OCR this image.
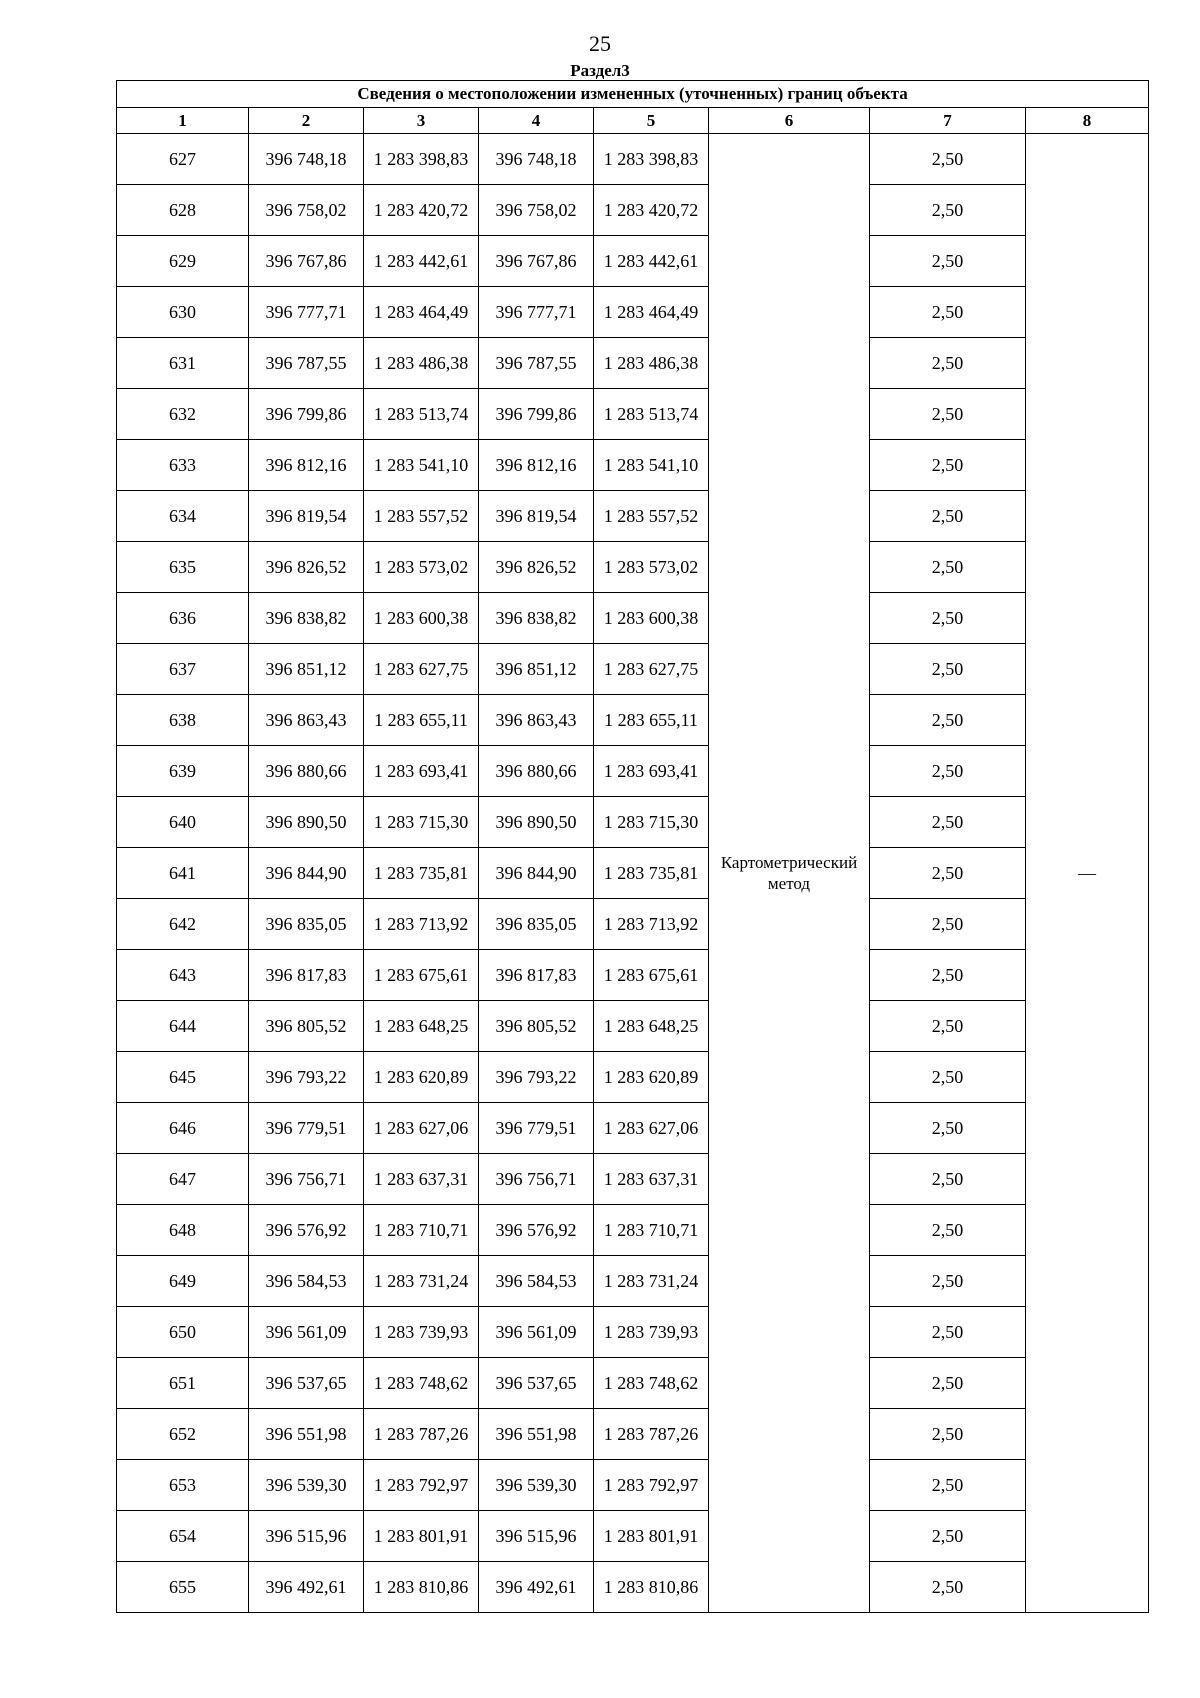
25
Раздел3
Сведения о местоположении измененных (уточненных) границ объекта							
1	2	3	4	5	6	7	8
627	396 748,18	1 283 398,83	396 748,18	1 283 398,83	Картометрический метод	2,50	—
628	396 758,02	1 283 420,72	396 758,02	1 283 420,72		2,50	
629	396 767,86	1 283 442,61	396 767,86	1 283 442,61		2,50	
630	396 777,71	1 283 464,49	396 777,71	1 283 464,49		2,50	
631	396 787,55	1 283 486,38	396 787,55	1 283 486,38		2,50	
632	396 799,86	1 283 513,74	396 799,86	1 283 513,74		2,50	
633	396 812,16	1 283 541,10	396 812,16	1 283 541,10		2,50	
634	396 819,54	1 283 557,52	396 819,54	1 283 557,52		2,50	
635	396 826,52	1 283 573,02	396 826,52	1 283 573,02		2,50	
636	396 838,82	1 283 600,38	396 838,82	1 283 600,38		2,50	
637	396 851,12	1 283 627,75	396 851,12	1 283 627,75		2,50	
638	396 863,43	1 283 655,11	396 863,43	1 283 655,11		2,50	
639	396 880,66	1 283 693,41	396 880,66	1 283 693,41		2,50	
640	396 890,50	1 283 715,30	396 890,50	1 283 715,30		2,50	
641	396 844,90	1 283 735,81	396 844,90	1 283 735,81		2,50	
642	396 835,05	1 283 713,92	396 835,05	1 283 713,92		2,50	
643	396 817,83	1 283 675,61	396 817,83	1 283 675,61		2,50	
644	396 805,52	1 283 648,25	396 805,52	1 283 648,25		2,50	
645	396 793,22	1 283 620,89	396 793,22	1 283 620,89		2,50	
646	396 779,51	1 283 627,06	396 779,51	1 283 627,06		2,50	
647	396 756,71	1 283 637,31	396 756,71	1 283 637,31		2,50	
648	396 576,92	1 283 710,71	396 576,92	1 283 710,71		2,50	
649	396 584,53	1 283 731,24	396 584,53	1 283 731,24		2,50	
650	396 561,09	1 283 739,93	396 561,09	1 283 739,93		2,50	
651	396 537,65	1 283 748,62	396 537,65	1 283 748,62		2,50	
652	396 551,98	1 283 787,26	396 551,98	1 283 787,26		2,50	
653	396 539,30	1 283 792,97	396 539,30	1 283 792,97		2,50	
654	396 515,96	1 283 801,91	396 515,96	1 283 801,91		2,50	
655	396 492,61	1 283 810,86	396 492,61	1 283 810,86		2,50	
